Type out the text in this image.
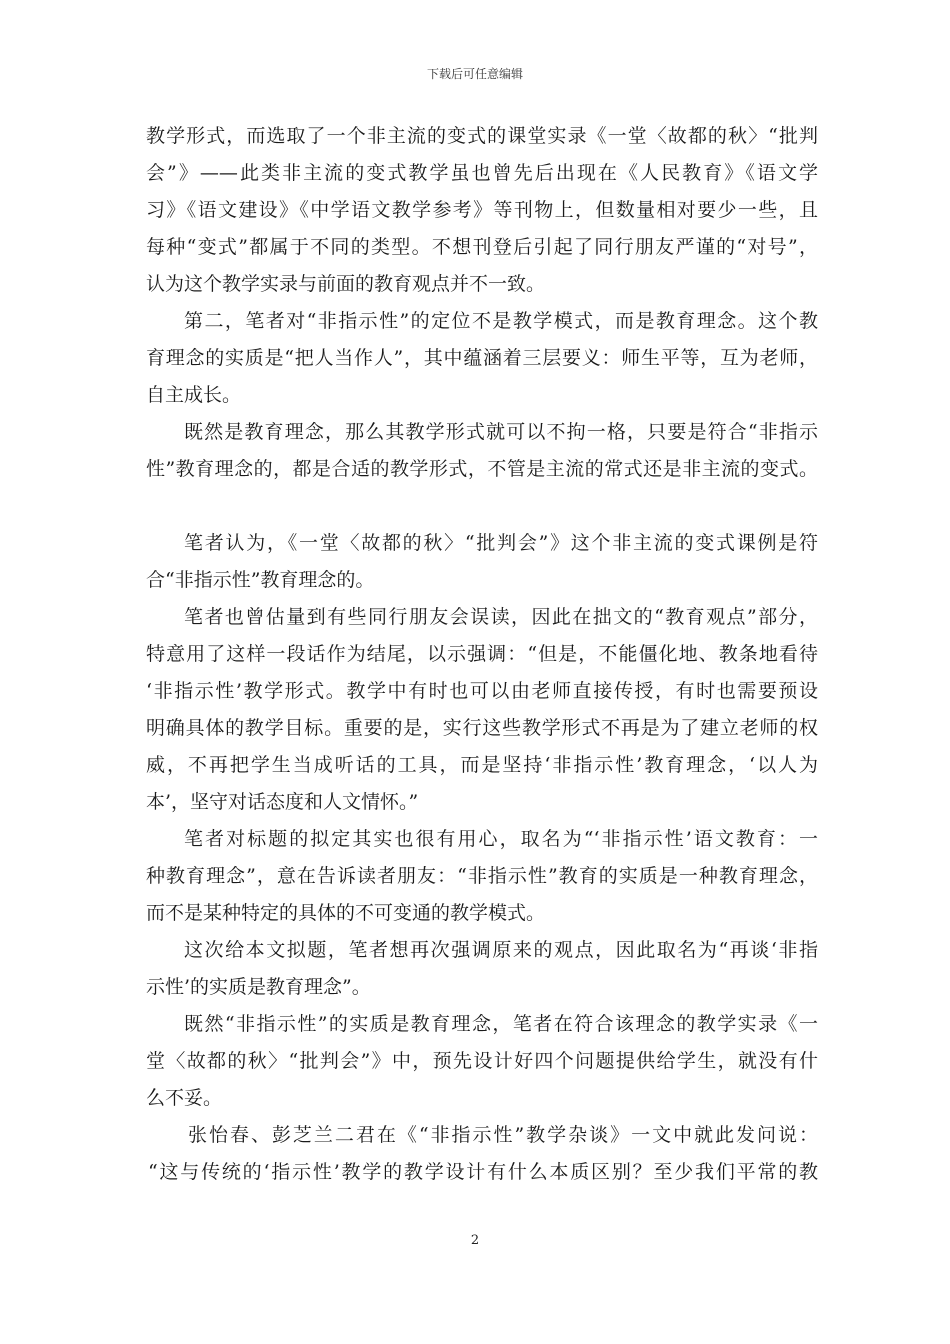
下载后可任意编辑
教学形式，而选取了一个非主流的变式的课堂实录《一堂〈故都的秋〉“批判
会”》——此类非主流的变式教学虽也曾先后出现在《人民教育》《语文学
习》《语文建设》《中学语文教学参考》等刊物上，但数量相对要少一些，且
每种“变式”都属于不同的类型。不想刊登后引起了同行朋友严谨的“对号”，
认为这个教学实录与前面的教育观点并不一致。
第二，笔者对“非指示性”的定位不是教学模式，而是教育理念。这个教
育理念的实质是“把人当作人”，其中蕴涵着三层要义：师生平等，互为老师，
自主成长。
既然是教育理念，那么其教学形式就可以不拘一格，只要是符合“非指示
性”教育理念的，都是合适的教学形式，不管是主流的常式还是非主流的变式。
笔者认为，《一堂〈故都的秋〉“批判会”》这个非主流的变式课例是符
合“非指示性”教育理念的。
笔者也曾估量到有些同行朋友会误读，因此在拙文的“教育观点”部分，
特意用了这样一段话作为结尾，以示强调：“但是，不能僵化地、教条地看待
‘非指示性’教学形式。教学中有时也可以由老师直接传授，有时也需要预设
明确具体的教学目标。重要的是，实行这些教学形式不再是为了建立老师的权
威，不再把学生当成听话的工具，而是坚持‘非指示性’教育理念，‘以人为
本’，坚守对话态度和人文情怀。”
笔者对标题的拟定其实也很有用心，取名为“‘非指示性’语文教育：一
种教育理念”，意在告诉读者朋友：“非指示性”教育的实质是一种教育理念，
而不是某种特定的具体的不可变通的教学模式。
这次给本文拟题，笔者想再次强调原来的观点，因此取名为“再谈‘非指
示性’的实质是教育理念”。
既然“非指示性”的实质是教育理念，笔者在符合该理念的教学实录《一
堂〈故都的秋〉“批判会”》中，预先设计好四个问题提供给学生，就没有什
么不妥。
张怡春、彭芝兰二君在《“非指示性”教学杂谈》一文中就此发问说：
“这与传统的‘指示性’教学的教学设计有什么本质区别？至少我们平常的教
2
